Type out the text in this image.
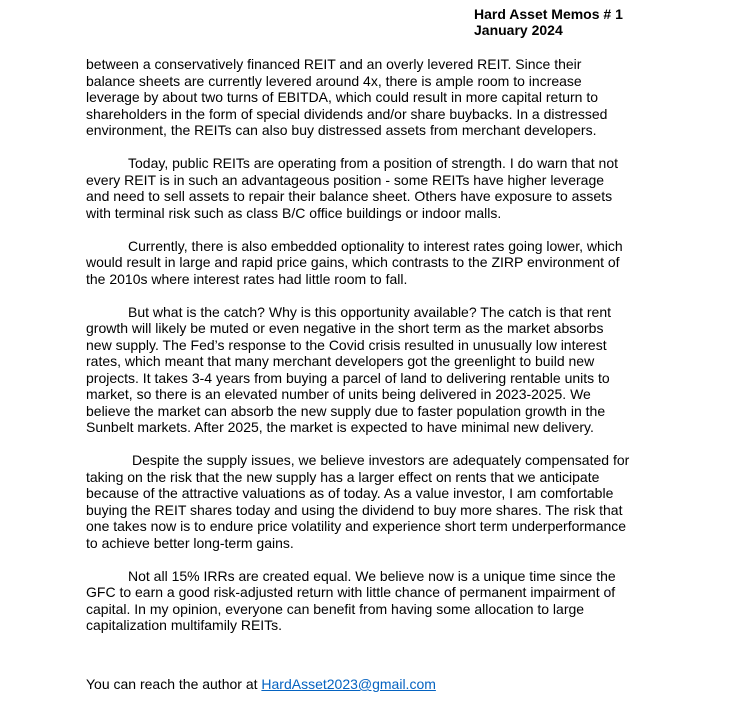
Hard Asset Memos # 1
January 2024

between a conservatively financed REIT and an overly levered REIT. Since their
balance sheets are currently levered around 4x, there is ample room to increase
leverage by about two turns of EBITDA, which could result in more capital return to
shareholders in the form of special dividends and/or share buybacks. In a distressed
environment, the REITs can also buy distressed assets from merchant developers.

Today, public REITs are operating from a position of strength. I do warn that not
every REIT is in such an advantageous position - some REITs have higher leverage
and need to sell assets to repair their balance sheet. Others have exposure to assets
with terminal risk such as class B/C office buildings or indoor malls.

Currently, there is also embedded optionality to interest rates going lower, which
would result in large and rapid price gains, which contrasts to the ZIRP environment of
the 2010s where interest rates had little room to fall.

But what is the catch? Why is this opportunity available? The catch is that rent
growth will likely be muted or even negative in the short term as the market absorbs
new supply. The Fed’s response to the Covid crisis resulted in unusually low interest
rates, which meant that many merchant developers got the greenlight to build new
projects. It takes 3-4 years from buying a parcel of land to delivering rentable units to
market, so there is an elevated number of units being delivered in 2023-2025. We
believe the market can absorb the new supply due to faster population growth in the
Sunbelt markets. After 2025, the market is expected to have minimal new delivery.

Despite the supply issues, we believe investors are adequately compensated for
taking on the risk that the new supply has a larger effect on rents that we anticipate
because of the attractive valuations as of today. As a value investor, I am comfortable
buying the REIT shares today and using the dividend to buy more shares. The risk that
one takes now is to endure price volatility and experience short term underperformance
to achieve better long-term gains.

Not all 15% IRRs are created equal. We believe now is a unique time since the
GFC to earn a good risk-adjusted return with little chance of permanent impairment of
capital. In my opinion, everyone can benefit from having some allocation to large
capitalization multifamily REITs.

You can reach the author at HardAsset2023@gmail.com
